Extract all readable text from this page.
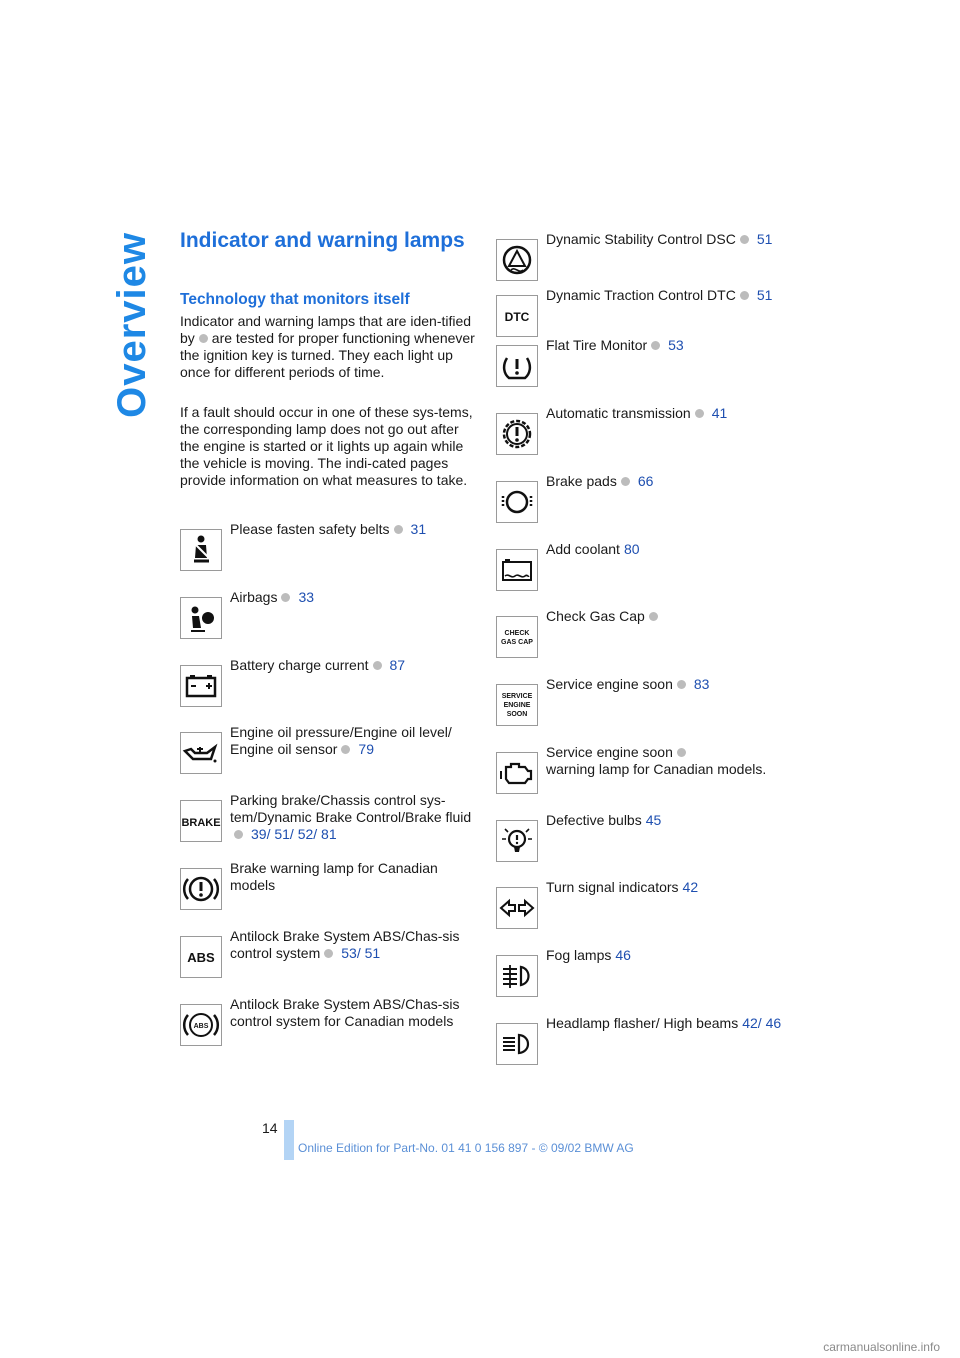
Overview Indicator and warning lamps
Technology that monitors itself

Indicator and warning lamps that are iden-tified by are tested for proper functioning whenever the ignition key is turned. They each light up once for different periods of time.

If a fault should occur in one of these sys-tems, the corresponding lamp does not go out after the engine is started or it lights up again while the vehicle is moving. The indi-cated pages provide information on what measures to take.

Please fasten safety belts 31
Airbags 33
Battery charge current 87
Engine oil pressure/Engine oil level/ Engine oil sensor 79
BRAKE
Parking brake/Chassis control sys-tem/Dynamic Brake Control/Brake fluid39/ 51/ 52/ 81
Brake warning lamp for Canadian models
ABS
Antilock Brake System ABS/Chas-sis control system 53/ 51
ABS
Antilock Brake System ABS/Chas-sis control system for Canadian models
Dynamic Stability Control DSC 51
DTC
Dynamic Traction Control DTC 51
Flat Tire Monitor 53
Automatic transmission 41
Brake pads 66
Add coolant 80
CHECK
GAS CAP
Check Gas Cap
SERVICE
ENGINE
SOON
Service engine soon 83
Service engine soon
warning lamp for Canadian models.
Defective bulbs 45
Turn signal indicators 42
Fog lamps 46
Headlamp flasher/ High beams 42/ 46
14
Online Edition for Part-No. 01 41 0 156 897 - © 09/02 BMW AG
carmanualsonline.info
